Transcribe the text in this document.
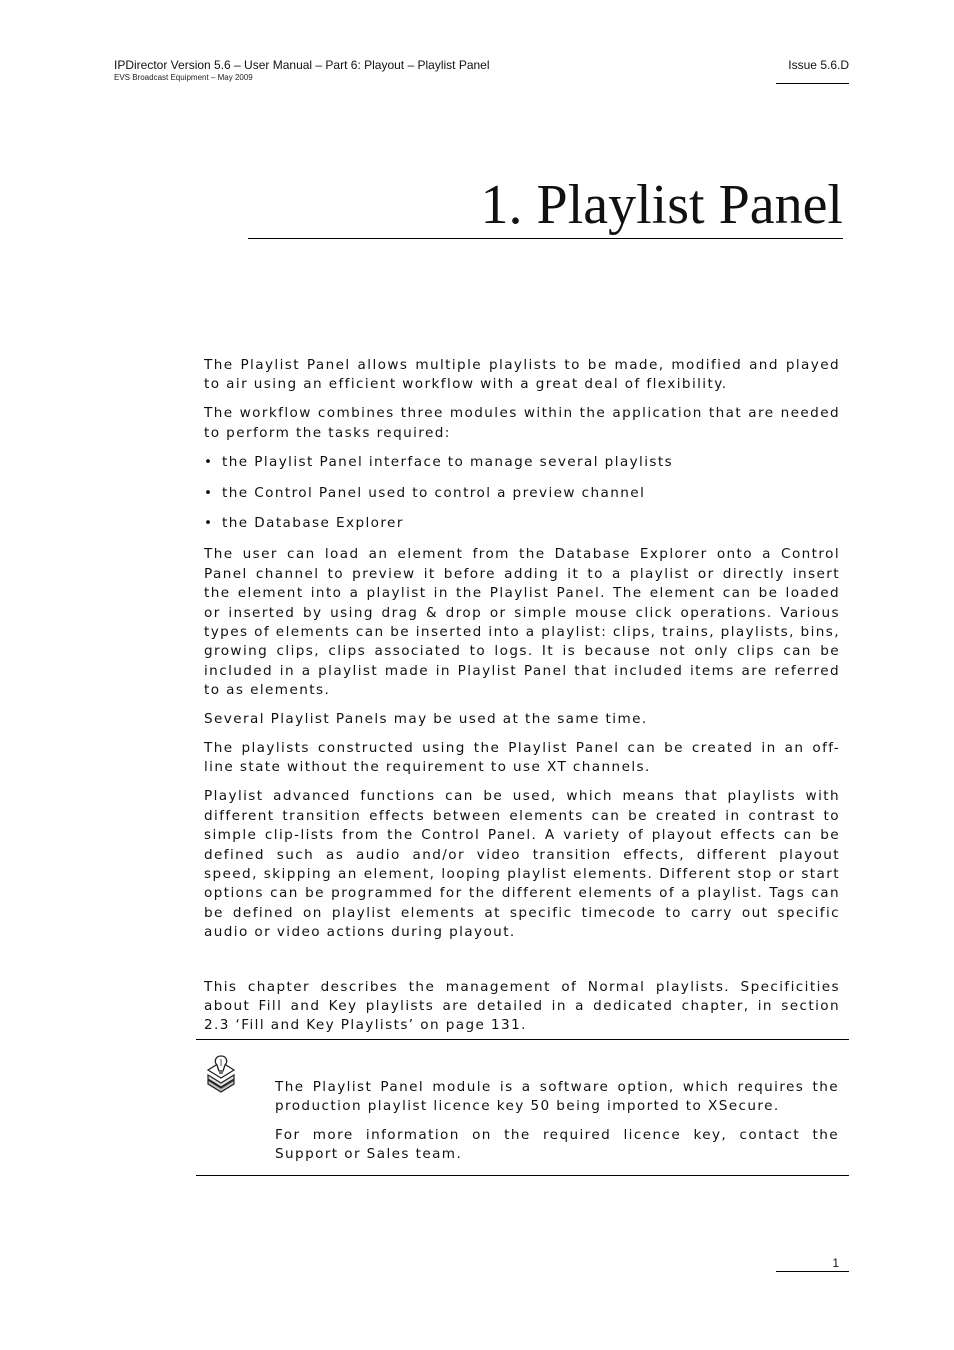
IPDirector Version 5.6 – User Manual – Part 6: Playout – Playlist Panel
EVS Broadcast Equipment – May 2009
Issue 5.6.D
1. Playlist Panel

The Playlist Panel allows multiple playlists to be made, modified and played to air using an efficient workflow with a great deal of flexibility.

The workflow combines three modules within the application that are needed to perform the tasks required:

• the Playlist Panel interface to manage several playlists
• the Control Panel used to control a preview channel
• the Database Explorer

The user can load an element from the Database Explorer onto a Control Panel channel to preview it before adding it to a playlist or directly insert the element into a playlist in the Playlist Panel. The element can be loaded or inserted by using drag & drop or simple mouse click operations. Various types of elements can be inserted into a playlist: clips, trains, playlists, bins, growing clips, clips associated to logs. It is because not only clips can be included in a playlist made in Playlist Panel that included items are referred to as elements.

Several Playlist Panels may be used at the same time.

The playlists constructed using the Playlist Panel can be created in an off-line state without the requirement to use XT channels.

Playlist advanced functions can be used, which means that playlists with different transition effects between elements can be created in contrast to simple clip-lists from the Control Panel. A variety of playout effects can be defined such as audio and/or video transition effects, different playout speed, skipping an element, looping playlist elements. Different stop or start options can be programmed for the different elements of a playlist. Tags can be defined on playlist elements at specific timecode to carry out specific audio or video actions during playout.

This chapter describes the management of Normal playlists. Specificities about Fill and Key playlists are detailed in a dedicated chapter, in section 2.3 ‘Fill and Key Playlists’ on page 131.

The Playlist Panel module is a software option, which requires the production playlist licence key 50 being imported to XSecure.

For more information on the required licence key, contact the Support or Sales team.

1
